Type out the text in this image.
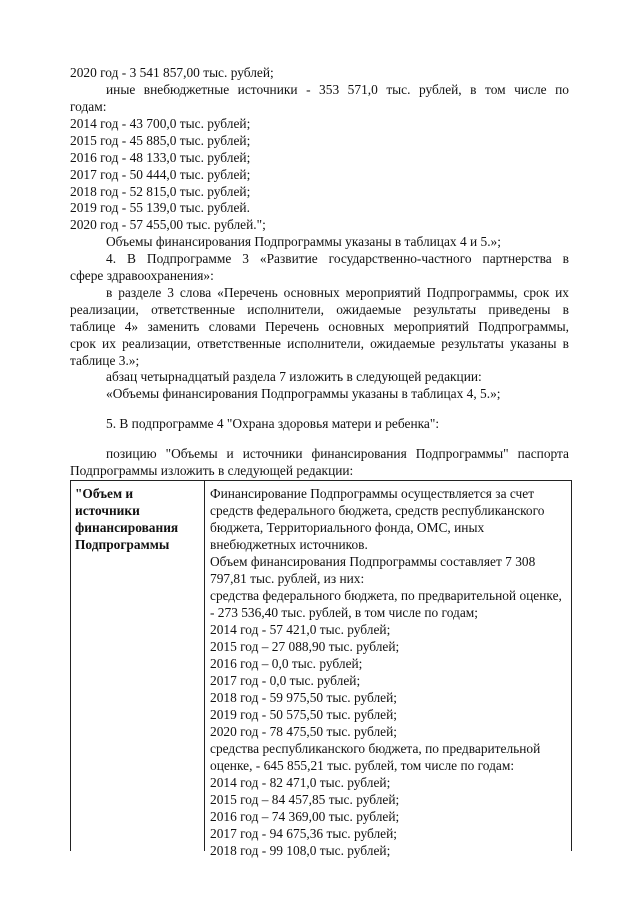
2020 год - 3 541 857,00 тыс. рублей;
иные внебюджетные источники - 353 571,0 тыс. рублей, в том числе по
годам:
2014 год - 43 700,0 тыс. рублей;
2015 год - 45 885,0 тыс. рублей;
2016 год - 48 133,0 тыс. рублей;
2017 год - 50 444,0 тыс. рублей;
2018 год - 52 815,0 тыс. рублей;
2019 год - 55 139,0 тыс. рублей.
2020 год - 57 455,00 тыс. рублей.";
Объемы финансирования Подпрограммы указаны в таблицах 4 и 5.»;
4. В Подпрограмме 3 «Развитие государственно-частного партнерства в
сфере здравоохранения»:
в разделе 3 слова «Перечень основных мероприятий Подпрограммы, срок их
реализации, ответственные исполнители, ожидаемые результаты приведены в
таблице 4» заменить словами Перечень основных мероприятий Подпрограммы,
срок их реализации, ответственные исполнители, ожидаемые результаты указаны в
таблице 3.»;
абзац четырнадцатый раздела 7 изложить в следующей редакции:
«Объемы финансирования Подпрограммы указаны в таблицах 4, 5.»;
5. В подпрограмме 4 "Охрана здоровья матери и ребенка":
позицию "Объемы и источники финансирования Подпрограммы" паспорта
Подпрограммы изложить в следующей редакции:
"Объем и
источники
финансирования
Подпрограммы
Финансирование Подпрограммы осуществляется за счет
средств федерального бюджета, средств республиканского
бюджета, Территориального фонда, ОМС, иных
внебюджетных источников.
Объем финансирования Подпрограммы составляет 7 308
797,81 тыс. рублей, из них:
средства федерального бюджета, по предварительной оценке,
- 273 536,40 тыс. рублей, в том числе по годам;
2014 год - 57 421,0 тыс. рублей;
2015 год – 27 088,90 тыс. рублей;
2016 год – 0,0 тыс. рублей;
2017 год - 0,0 тыс. рублей;
2018 год - 59 975,50 тыс. рублей;
2019 год - 50 575,50 тыс. рублей;
2020 год - 78 475,50 тыс. рублей;
средства республиканского бюджета, по предварительной
оценке, - 645 855,21 тыс. рублей, том числе по годам:
2014 год - 82 471,0 тыс. рублей;
2015 год – 84 457,85 тыс. рублей;
2016 год – 74 369,00 тыс. рублей;
2017 год - 94 675,36 тыс. рублей;
2018 год - 99 108,0 тыс. рублей;
